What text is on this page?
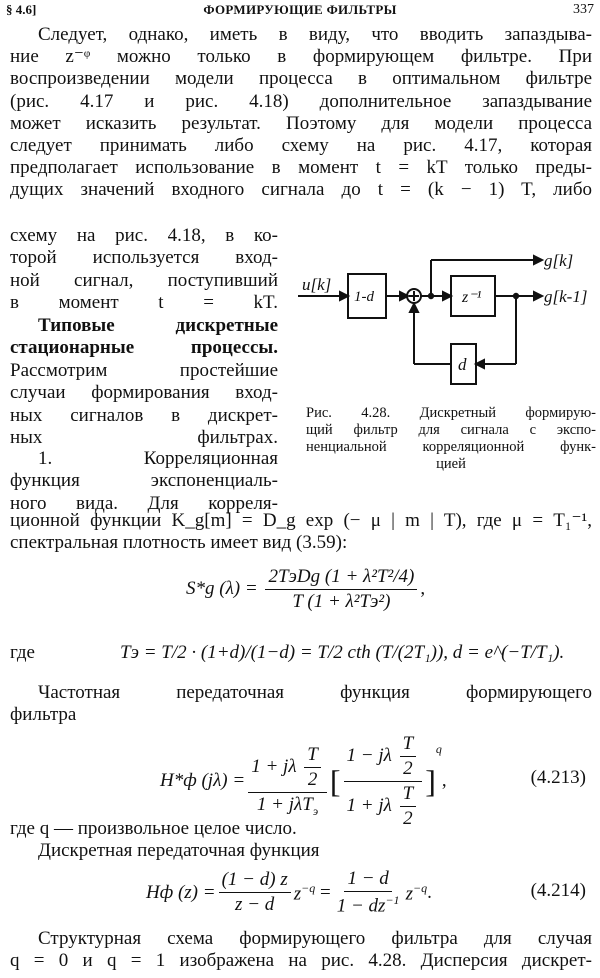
§ 4.6]	ФОРМИРУЮЩИЕ ФИЛЬТРЫ	337
Следует, однако, иметь в виду, что вводить запаздыва-
ние z⁻ᵠ можно только в формирующем фильтре. При
воспроизведении модели процесса в оптимальном фильтре
(рис. 4.17 и рис. 4.18) дополнительное запаздывание
может исказить результат. Поэтому для модели процесса
следует принимать либо схему на рис. 4.17, которая
предполагает использование в момент t = kT только преды-
дущих значений входного сигнала до t = (k − 1) T, либо
схему на рис. 4.18, в ко-
торой используется вход-
ной сигнал, поступивший
в момент t = kT.
Типовые дискретные
стационарные процессы.
Рассмотрим простейшие
случаи формирования вход-
ных сигналов в дискрет-
ных фильтрах.
1. Корреляционная
функция экспоненциаль-
ного вида. Для корреля-
u[k]
1-d	z⁻¹
d
g[k]
g[k-1]
Рис. 4.28. Дискретный формирую-
щий фильтр для сигнала с экспо-
ненциальной корреляционной функ-
цией
ционной функции K_g[m] = D_g exp (− μ | m | T), где μ = T₁⁻¹,
спектральная плотность имеет вид (3.59):
S*g $(\lambda) = \frac{\text{2TэDg (1 + λ²T²/4)}}{\text{T (1 + λ²Tэ²)}}$ ,
где	Tэ = T/2 · (1+d)/(1−d) = T/2 cth (T/(2T₁)), d = e^(−T/T₁).
Частотная передаточная функция формирующего
фильтра
H*ф $(j\lambda) = \frac{1 + j\lambda \frac{T}{2}}{1 + j\lambda T_э}$ [ $\frac{1 - j\lambda \frac{T}{2}}{1 + j\lambda \frac{T}{2}}$ ]
q
,	(4.213)
где q — произвольное целое число.
Дискретная передаточная функция
Hф $(z) = \frac{(1 - d) z}{z - d} z^{-q} = \frac{1 - d}{1 - dz^{-1}} z^{-q}$ .	(4.214)
Структурная схема формирующего фильтра для случая
q = 0 и q = 1 изображена на рис. 4.28. Дисперсия дискрет-
